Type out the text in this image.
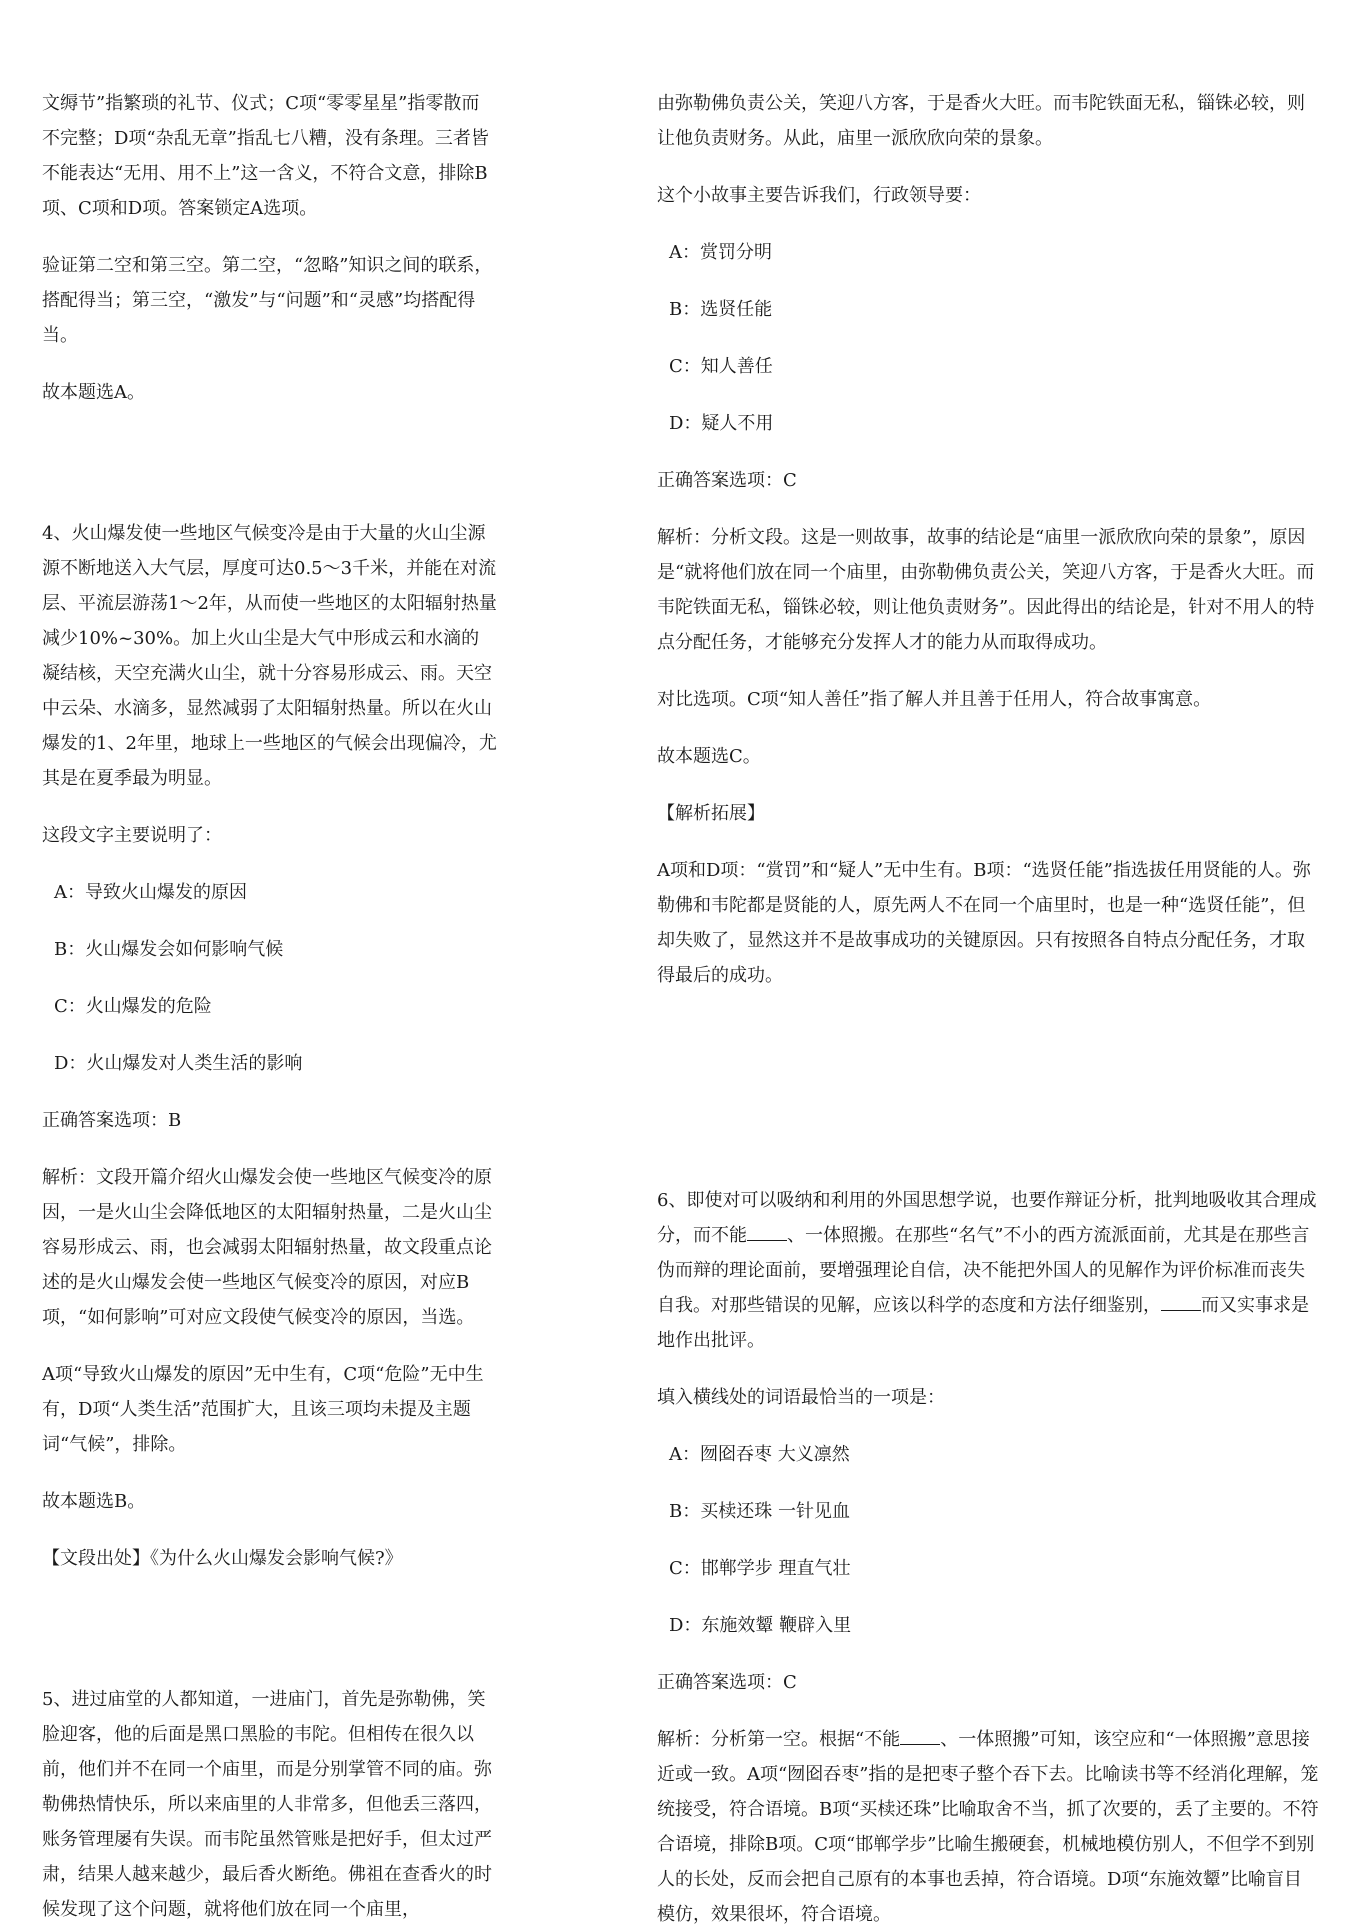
文缛节”指繁琐的礼节、仪式；C项“零零星星”指零散而不完整；D项“杂乱无章”指乱七八糟，没有条理。三者皆不能表达“无用、用不上”这一含义，不符合文意，排除B项、C项和D项。答案锁定A选项。

验证第二空和第三空。第二空，“忽略”知识之间的联系，搭配得当；第三空，“激发”与“问题”和“灵感”均搭配得当。

故本题选A。

4、火山爆发使一些地区气候变冷是由于大量的火山尘源源不断地送入大气层，厚度可达0.5～3千米，并能在对流层、平流层游荡1～2年，从而使一些地区的太阳辐射热量减少10%~30%。加上火山尘是大气中形成云和水滴的凝结核，天空充满火山尘，就十分容易形成云、雨。天空中云朵、水滴多，显然减弱了太阳辐射热量。所以在火山爆发的1、2年里，地球上一些地区的气候会出现偏冷，尤其是在夏季最为明显。

这段文字主要说明了：

A：导致火山爆发的原因

B：火山爆发会如何影响气候

C：火山爆发的危险

D：火山爆发对人类生活的影响

正确答案选项：B

解析：文段开篇介绍火山爆发会使一些地区气候变冷的原因，一是火山尘会降低地区的太阳辐射热量，二是火山尘容易形成云、雨，也会减弱太阳辐射热量，故文段重点论述的是火山爆发会使一些地区气候变冷的原因，对应B项，“如何影响”可对应文段使气候变冷的原因，当选。

A项“导致火山爆发的原因”无中生有，C项“危险”无中生有，D项“人类生活”范围扩大，且该三项均未提及主题词“气候”，排除。

故本题选B。

【文段出处】《为什么火山爆发会影响气候?》

5、进过庙堂的人都知道，一进庙门，首先是弥勒佛，笑脸迎客，他的后面是黑口黑脸的韦陀。但相传在很久以前，他们并不在同一个庙里，而是分别掌管不同的庙。弥勒佛热情快乐，所以来庙里的人非常多，但他丢三落四，账务管理屡有失误。而韦陀虽然管账是把好手，但太过严肃，结果人越来越少，最后香火断绝。佛祖在查香火的时候发现了这个问题，就将他们放在同一个庙里，

由弥勒佛负责公关，笑迎八方客，于是香火大旺。而韦陀铁面无私，锱铢必较，则让他负责财务。从此，庙里一派欣欣向荣的景象。

这个小故事主要告诉我们，行政领导要：

A：赏罚分明

B：选贤任能

C：知人善任

D：疑人不用

正确答案选项：C

解析：分析文段。这是一则故事，故事的结论是“庙里一派欣欣向荣的景象”，原因是“就将他们放在同一个庙里，由弥勒佛负责公关，笑迎八方客，于是香火大旺。而韦陀铁面无私，锱铢必较，则让他负责财务”。因此得出的结论是，针对不用人的特点分配任务，才能够充分发挥人才的能力从而取得成功。

对比选项。C项“知人善任”指了解人并且善于任用人，符合故事寓意。

故本题选C。

【解析拓展】

A项和D项：“赏罚”和“疑人”无中生有。B项：“选贤任能”指选拔任用贤能的人。弥勒佛和韦陀都是贤能的人，原先两人不在同一个庙里时，也是一种“选贤任能”，但却失败了，显然这并不是故事成功的关键原因。只有按照各自特点分配任务，才取得最后的成功。

6、即使对可以吸纳和利用的外国思想学说，也要作辩证分析，批判地吸收其合理成分，而不能 、一体照搬。在那些“名气”不小的西方流派面前，尤其是在那些言伪而辩的理论面前，要增强理论自信，决不能把外国人的见解作为评价标准而丧失自我。对那些错误的见解，应该以科学的态度和方法仔细鉴别， 而又实事求是地作出批评。

填入横线处的词语最恰当的一项是：

A：囫囵吞枣 大义凛然

B：买椟还珠 一针见血

C：邯郸学步 理直气壮

D：东施效颦 鞭辟入里

正确答案选项：C

解析：分析第一空。根据“不能 、一体照搬”可知，该空应和“一体照搬”意思接近或一致。A项“囫囵吞枣”指的是把枣子整个吞下去。比喻读书等不经消化理解，笼统接受，符合语境。B项“买椟还珠”比喻取舍不当，抓了次要的，丢了主要的。不符合语境，排除B项。C项“邯郸学步”比喻生搬硬套，机械地模仿别人，不但学不到别人的长处，反而会把自己原有的本事也丢掉，符合语境。D项“东施效颦”比喻盲目模仿，效果很坏，符合语境。
